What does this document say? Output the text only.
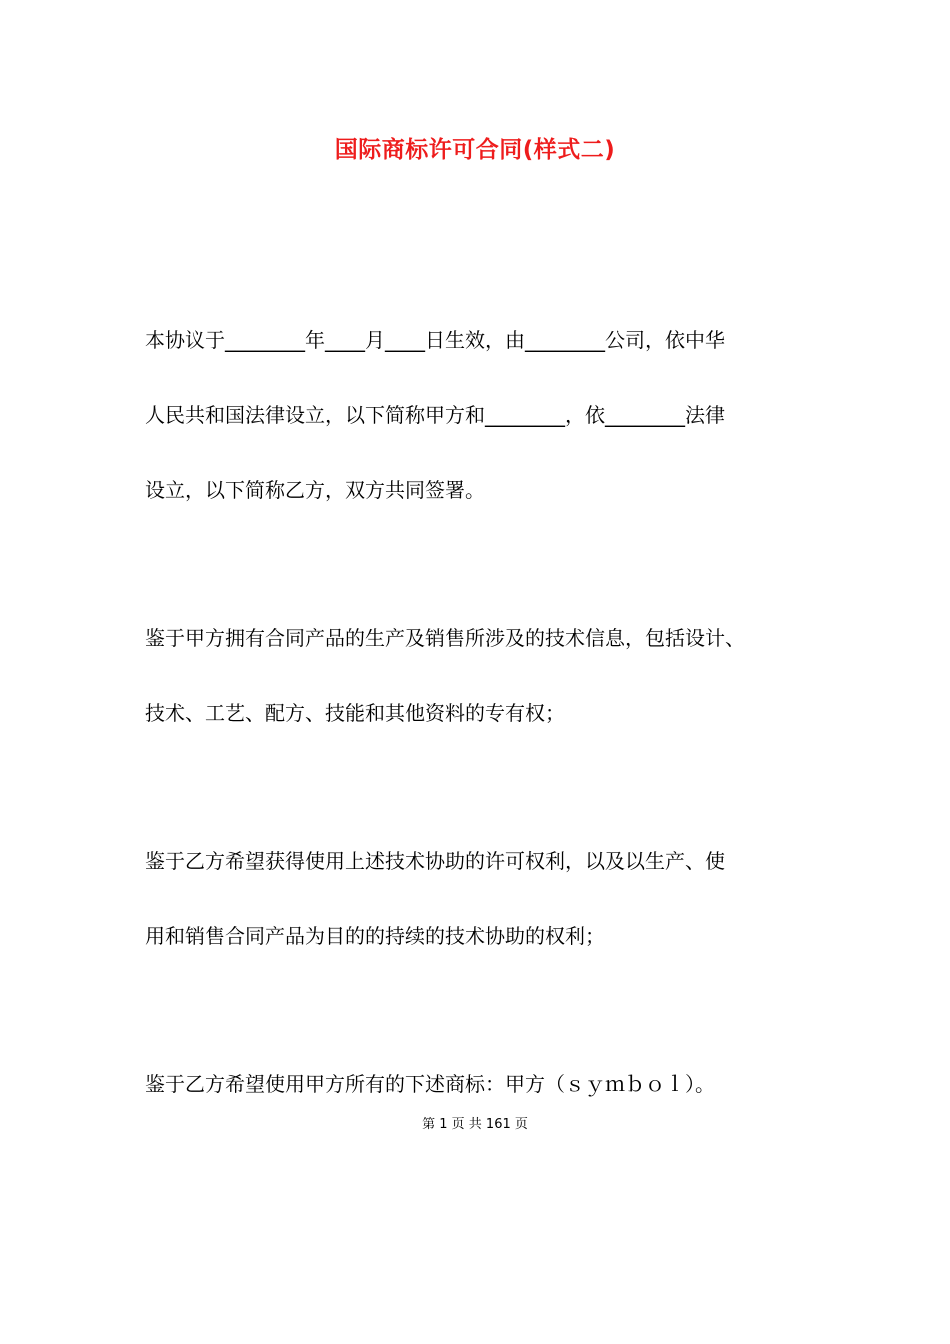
国际商标许可合同(样式二)
本协议于________年____月____日生效，由________公司，依中华
人民共和国法律设立，以下简称甲方和________，依________法律
设立，以下简称乙方，双方共同签署。
鉴于甲方拥有合同产品的生产及销售所涉及的技术信息，包括设计、
技术、工艺、配方、技能和其他资料的专有权；
鉴于乙方希望获得使用上述技术协助的许可权利，以及以生产、使
用和销售合同产品为目的的持续的技术协助的权利；
鉴于乙方希望使用甲方所有的下述商标：甲方（ｓｙｍｂｏｌ）。
第 1 页 共 161 页
